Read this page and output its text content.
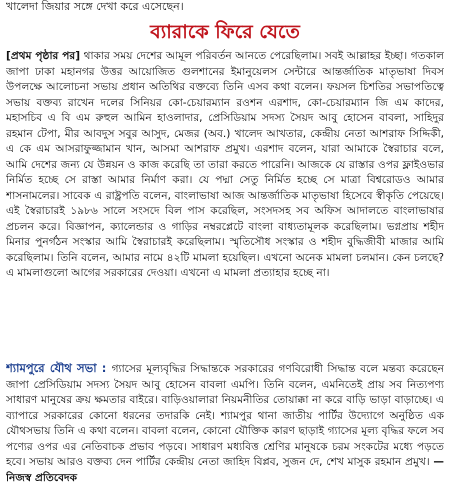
খালেদা জিয়ার সঙ্গে দেখা করে এসেছেন।
ব্যারাকে ফিরে যেতে
[প্রথম পৃষ্ঠার পর] থাকার সময় দেশের আমূল পরিবর্তন আনতে পেরেছিলাম। সবই আল্লাহর ইচ্ছা। গতকাল জাপা ঢাকা মহানগর উত্তর আয়োজিত গুলশানের ইমানুয়েলস সেন্টারে আন্তর্জাতিক মাতৃভাষা দিবস উপলক্ষে আলোচনা সভায় প্রধান অতিথির বক্তব্যে তিনি এসব কথা বলেন। ফয়সল চিশতির সভাপতিত্বে সভায় বক্তব্য রাখেন দলের সিনিয়র কো-চেয়ারম্যান রওশন এরশাদ, কো-চেয়ারম্যান জি এম কাদের, মহাসচিব এ বি এম রুহুল আমিন হাওলাদার, প্রেসিডিয়াম সদস্য সৈয়দ আবু হোসেন বাবলা, সাহিদুর রহমান টেপা, মীর আবদুস সবুর আসুদ, মেজর (অব.) খালেদ আখতার, কেন্দ্রীয় নেতা আশরাফ সিদ্দিকী, এ কে এম আসরাফুজ্জামান খান, আসমা আশরাফ প্রমুখ। এরশাদ বলেন, যারা আমাকে স্বৈরাচার বলে, আমি দেশের জন্য যে উন্নয়ন ও কাজ করেছি তা তারা করতে পারেনি। আজকে যে রাস্তার ওপর ফ্লাইওভার নির্মিত হচ্ছে সে রাস্তা আমার নির্মাণ করা। যে পদ্মা সেতু নির্মিত হচ্ছে সে মাত্রা বিশ্বরোডও আমার শাসনামলের। সাবেক এ রাষ্ট্রপতি বলেন, বাংলাভাষা আজ আন্তর্জাতিক মাতৃভাষা হিসেবে স্বীকৃতি পেয়েছে। এই স্বৈরাচারই ১৯৮৬ সালে সংসদে বিল পাস করেছিল, সংসদসহ সব অফিস আদালতে বাংলাভাষার প্রচলন করে। বিজ্ঞাপন, ক্যালেন্ডার ও গাড়ির নম্বরপ্লেটে বাংলা বাধ্যতামূলক করেছিলাম। ভগ্নপ্রায় শহীদ মিনার পুনর্গঠন সংস্কার আমি স্বৈরাচারই করেছিলাম। স্মৃতিসৌধ সংস্কার ও শহীদ বুদ্ধিজীবী মাজার আমি করেছিলাম। তিনি বলেন, আমার নামে ৪২টি মামলা হয়েছিল। এখনো অনেক মামলা চলমান। কেন চলছে? এ মামলাগুলো আগের সরকারের দেওয়া। এখনো এ মামলা প্রত্যাহার হচ্ছে না।
শ্যামপুরে যৌথ সভা : গ্যাসের মূল্যবৃদ্ধির সিদ্ধান্তকে সরকারের গণবিরোধী সিদ্ধান্ত বলে মন্তব্য করেছেন জাপা প্রেসিডিয়াম সদস্য সৈয়দ আবু হোসেন বাবলা এমপি। তিনি বলেন, এমনিতেই প্রায় সব নিত্যপণ্য সাধারণ মানুষের ক্রয় ক্ষমতার বাইরে। বাড়িওয়ালারা নিয়মনীতির তোয়াক্কা না করে বাড়ি ভাড়া বাড়াচ্ছে। এ ব্যাপারে সরকারের কোনো ধরনের তদারকি নেই। শ্যামপুর থানা জাতীয় পার্টির উদ্যোগে অনুষ্ঠিত এক যৌথসভায় তিনি এ কথা বলেন। বাবলা বলেন, কোনো যৌক্তিক কারণ ছাড়াই গ্যাসের মূল্য বৃদ্ধির ফলে সব পণ্যের ওপর এর নেতিবাচক প্রভাব পড়বে। সাধারণ মধ্যবিত্ত শ্রেণির মানুষকে চরম সংকটের মধ্যে পড়তে হবে। সভায় আরও বক্তব্য দেন পার্টির কেন্দ্রীয় নেতা জাহিদ বিপ্লব, সুজন দে, শেখ মাসুক রহমান প্রমুখ। —নিজস্ব প্রতিবেদক
